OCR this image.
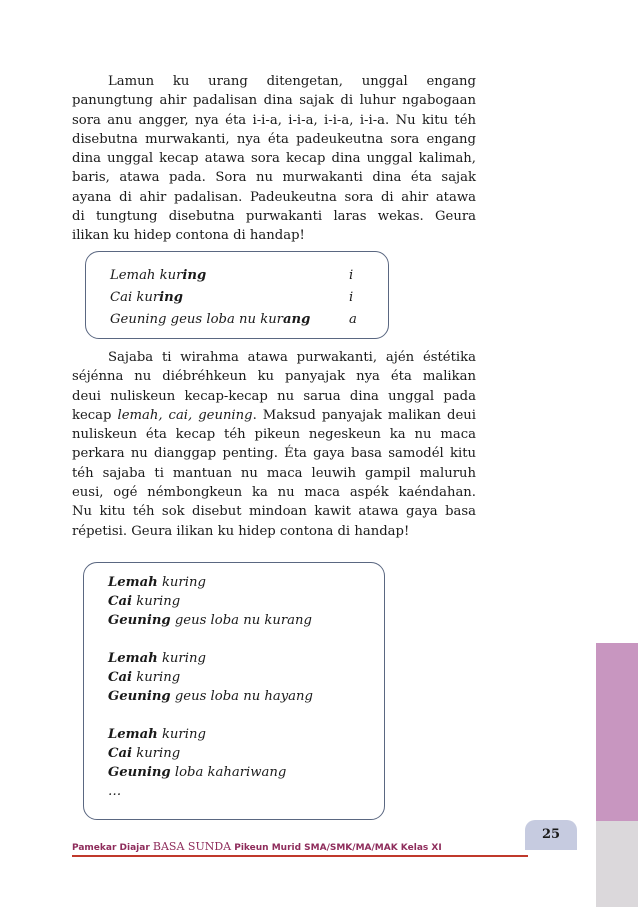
Lamun ku urang ditengetan, unggal engang
panungtung ahir padalisan dina sajak di luhur ngabogaan
sora anu angger, nya éta i-i-a, i-i-a, i-i-a, i-i-a. Nu kitu téh
disebutna murwakanti, nya éta padeukeutna sora engang
dina unggal kecap atawa sora kecap dina unggal kalimah,
baris, atawa pada. Sora nu murwakanti dina éta sajak
ayana di ahir padalisan. Padeukeutna sora di ahir atawa
di tungtung disebutna purwakanti laras wekas. Geura
ilikan ku hidep contona di handap!
Lemah kuring	i
Cai kuring	i
Geuning geus loba nu kurang	a
Sajaba ti wirahma atawa purwakanti, ajén éstétika
séjénna nu diébréhkeun ku panyajak nya éta malikan
deui nuliskeun kecap-kecap nu sarua dina unggal pada
kecap lemah, cai, geuning. Maksud panyajak malikan deui
nuliskeun éta kecap téh pikeun negeskeun ka nu maca
perkara nu dianggap penting. Éta gaya basa samodél kitu
téh sajaba ti mantuan nu maca leuwih gampil maluruh
eusi, ogé némbongkeun ka nu maca aspék kaéndahan.
Nu kitu téh sok disebut mindoan kawit atawa gaya basa
répetisi. Geura ilikan ku hidep contona di handap!
Lemah kuring
Cai kuring
Geuning geus loba nu kurang
Lemah kuring
Cai kuring
Geuning geus loba nu hayang
Lemah kuring
Cai kuring
Geuning loba kahariwang
…
25
Pamekar Diajar BASA SUNDA Pikeun Murid SMA/SMK/MA/MAK Kelas XI
